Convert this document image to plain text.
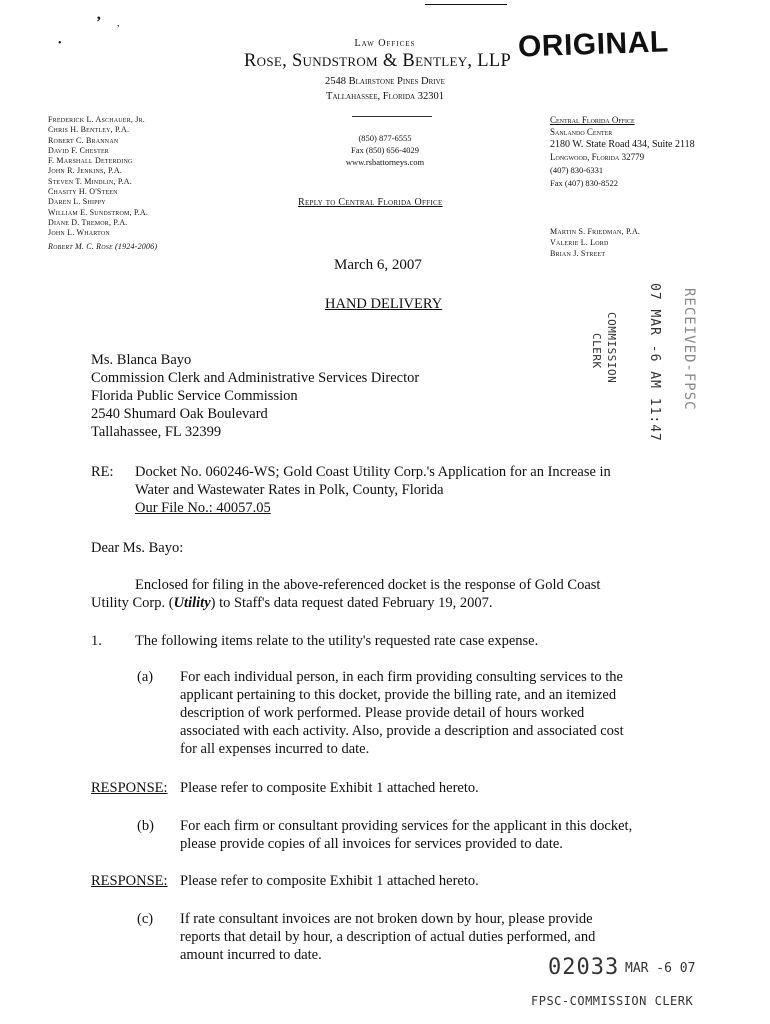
’ ,
•	Law Offices
Rose, Sundstrom & Bentley, LLP
2548 Blairstone Pines Drive
Tallahassee, Florida 32301
(850) 877-6555
Fax (850) 656-4029
www.rsbattorneys.com
Reply to Central Florida Office
ORIGINAL
Frederick L. Aschauer, Jr.
Chris H. Bentley, P.A.
Robert C. Brannan
David F. Chester
F. Marshall Deterding
John R. Jenkins, P.A.
Steven T. Mindlin, P.A.
Chasity H. O'Steen
Daren L. Shippy
William E. Sundstrom, P.A.
Diane D. Tremor, P.A.
John L. Wharton
Robert M. C. Rose (1924-2006)
Central Florida Office
Sanlando Center
2180 W. State Road 434, Suite 2118
Longwood, Florida 32779
(407) 830-6331
Fax (407) 830-8522
Martin S. Friedman, P.A.
Valerie L. Lord
Brian J. Street
March 6, 2007
HAND DELIVERY	07 MAR -6 AM 11:47
COMMISSION
CLERK	RECEIVED-FPSC
Ms. Blanca Bayo
Commission Clerk and Administrative Services Director
Florida Public Service Commission
2540 Shumard Oak Boulevard
Tallahassee, FL 32399
RE: Docket No. 060246-WS; Gold Coast Utility Corp.'s Application for an Increase in
Water and Wastewater Rates in Polk, County, Florida
Our File No.: 40057.05
Dear Ms. Bayo:
Enclosed for filing in the above-referenced docket is the response of Gold Coast
Utility Corp. (Utility) to Staff's data request dated February 19, 2007.
1. The following items relate to the utility's requested rate case expense.
(a) For each individual person, in each firm providing consulting services to the
applicant pertaining to this docket, provide the billing rate, and an itemized
description of work performed. Please provide detail of hours worked
associated with each activity. Also, provide a description and associated cost
for all expenses incurred to date.
RESPONSE: Please refer to composite Exhibit 1 attached hereto.
(b) For each firm or consultant providing services for the applicant in this docket,
please provide copies of all invoices for services provided to date.
RESPONSE: Please refer to composite Exhibit 1 attached hereto.
(c) If rate consultant invoices are not broken down by hour, please provide
reports that detail by hour, a description of actual duties performed, and
amount incurred to date.	02033 MAR -6 07
FPSC-COMMISSION CLERK
